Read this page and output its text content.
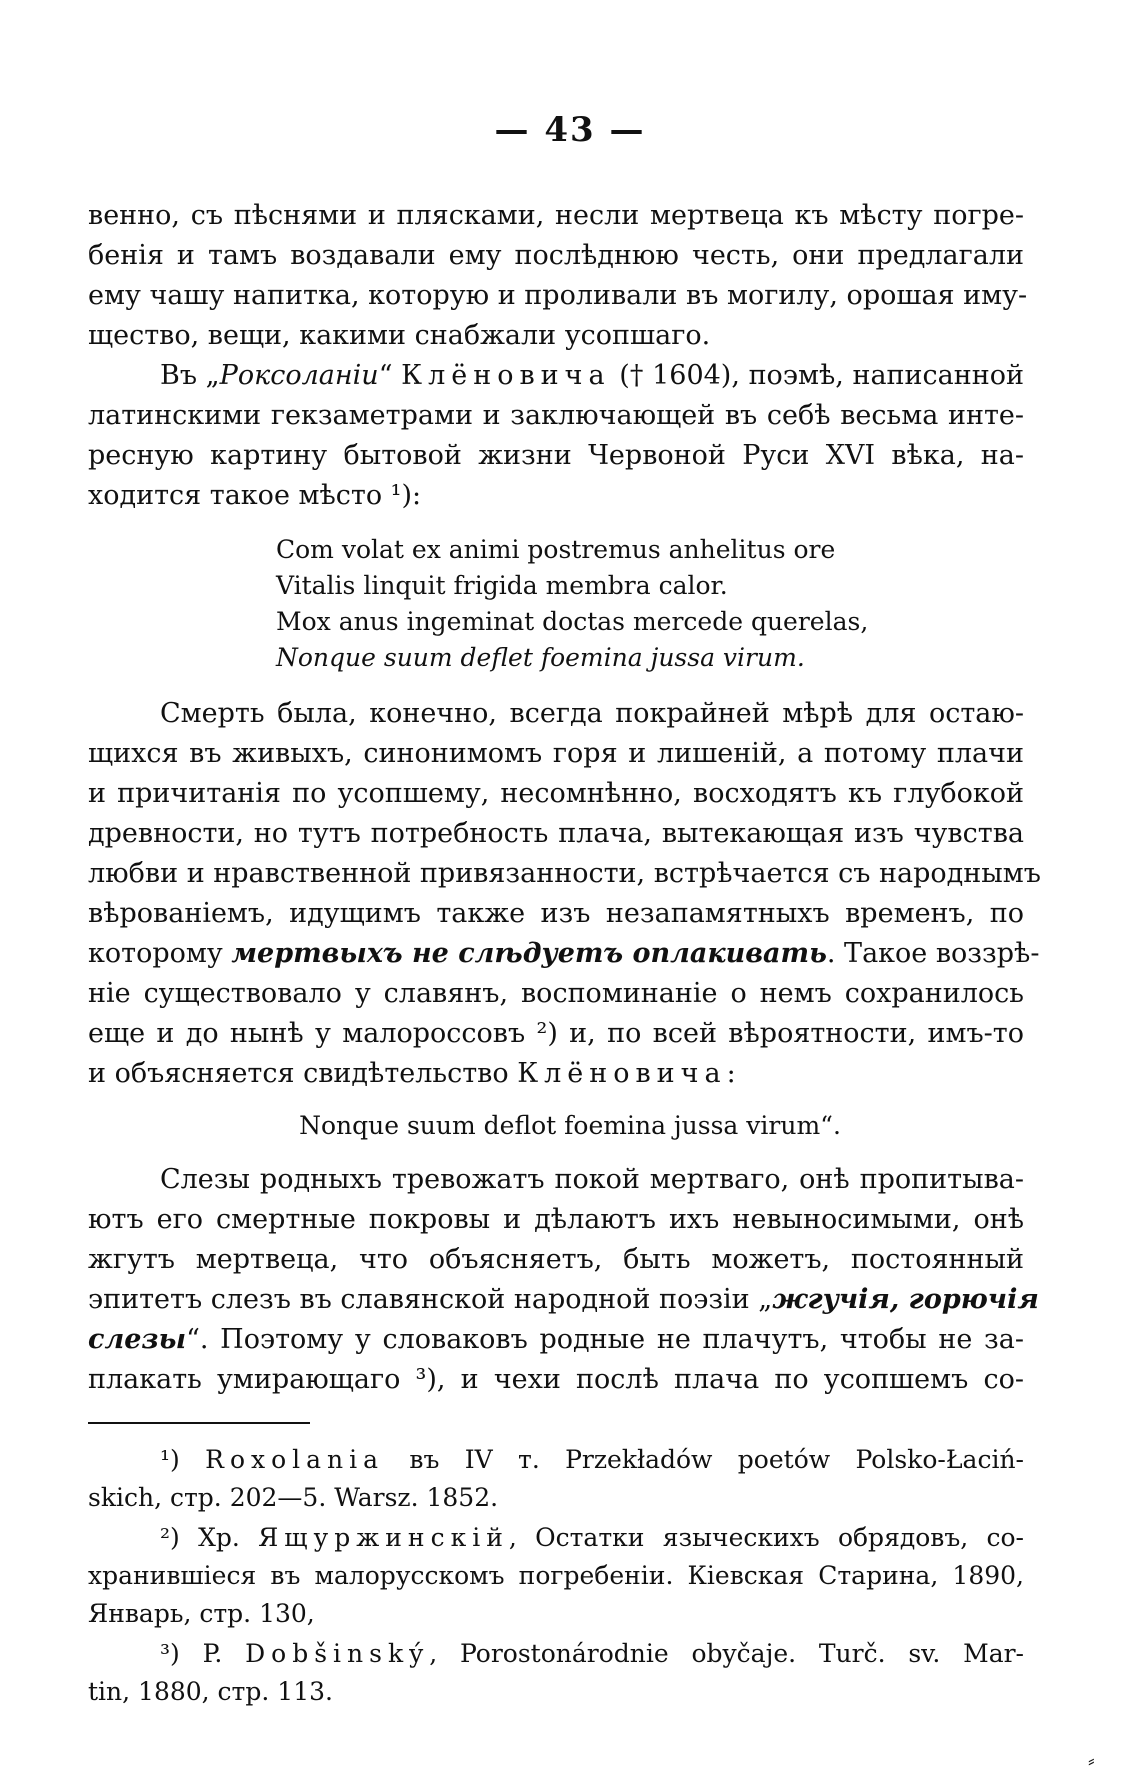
— 43 —
венно, съ пѣснями и плясками, несли мертвеца къ мѣсту погре-
бенія и тамъ воздавали ему послѣднюю честь, они предлагали
ему чашу напитка, которую и проливали въ могилу, орошая иму-
щество, вещи, какими снабжали усопшаго.
Въ „Роксоланіи“ Клёновича († 1604), поэмѣ, написанной
латинскими гекзаметрами и заключающей въ себѣ весьма инте-
ресную картину бытовой жизни Червоной Руси XVI вѣка, на-
ходится такое мѣсто ¹):
Com volat ex animi postremus anhelitus ore
Vitalis linquit frigida membra calor.
Mox anus ingeminat doctas mercede querelas,
Nonque suum deflet foemina jussa virum.
Смерть была, конечно, всегда покрайней мѣрѣ для остаю-
щихся въ живыхъ, синонимомъ горя и лишеній, а потому плачи
и причитанія по усопшему, несомнѣнно, восходятъ къ глубокой
древности, но тутъ потребность плача, вытекающая изъ чувства
любви и нравственной привязанности, встрѣчается съ народнымъ
вѣрованіемъ, идущимъ также изъ незапамятныхъ временъ, по
которому мертвыхъ не слѣдуетъ оплакивать. Такое воззрѣ-
ніе существовало у славянъ, воспоминаніе о немъ сохранилось
еще и до нынѣ у малороссовъ ²) и, по всей вѣроятности, имъ-то
и объясняется свидѣтельство Клёновича:
Nonque suum deflot foemina jussa virum“.
Слезы родныхъ тревожатъ покой мертваго, онѣ пропитыва-
ютъ его смертные покровы и дѣлаютъ ихъ невыносимыми, онѣ
жгутъ мертвеца, что объясняетъ, быть можетъ, постоянный
эпитетъ слезъ въ славянской народной поэзіи „жгучія, горючія
слезы“. Поэтому у словаковъ родные не плачутъ, чтобы не за-
плакать умирающаго ³), и чехи послѣ плача по усопшемъ со-
¹) Roxolania въ IV т. Przekładów poetów Polsko-Łaciń-
skich, стр. 202—5. Warsz. 1852.
²) Хр. Ящуржинскій, Остатки языческихъ обрядовъ, со-
хранившіеся въ малорусскомъ погребеніи. Кіевская Старина, 1890,
Январь, стр. 130,
³) P. Dobšinský, Porostonárodnie obyčaje. Turč. sv. Mar-
tin, 1880, стр. 113.
⸗
